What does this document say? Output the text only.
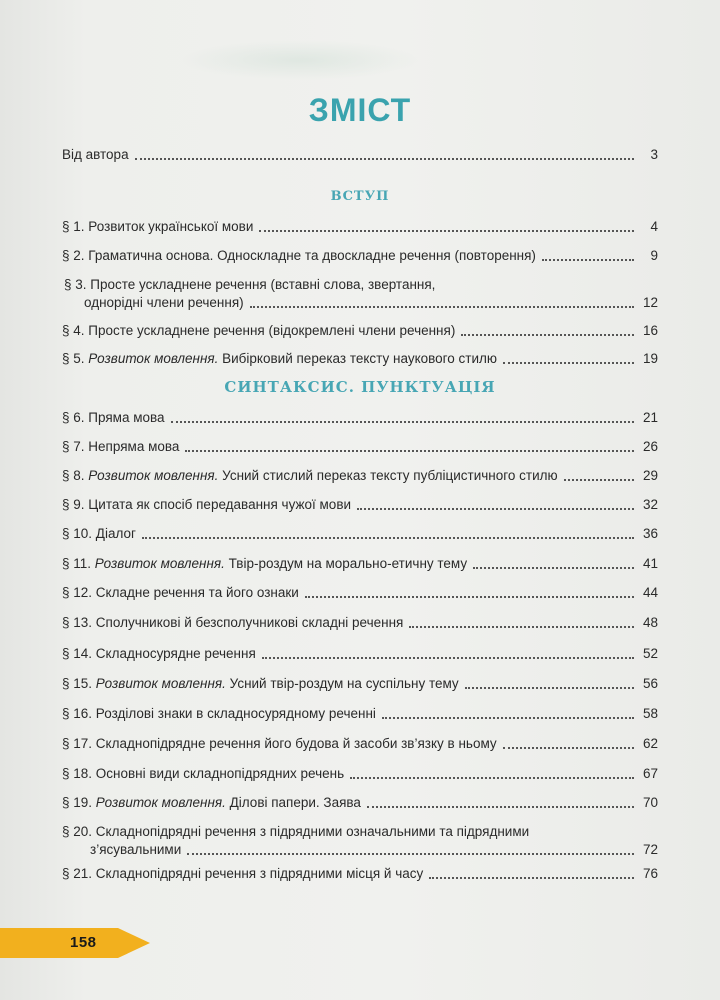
ЗМІСТ
Від автора	3
ВСТУП
§ 1. Розвиток української мови	4
§ 2. Граматична основа. Односкладне та двоскладне речення (повторення)	9
§ 3. Просте ускладнене речення (вставні слова, звертання,
однорідні члени речення)	12
§ 4. Просте ускладнене речення (відокремлені члени речення)	16
§ 5. Розвиток мовлення. Вибірковий переказ тексту наукового стилю	19
СИНТАКСИС. ПУНКТУАЦІЯ
§ 6. Пряма мова	21
§ 7. Непряма мова	26
§ 8. Розвиток мовлення. Усний стислий переказ тексту публіцистичного стилю	29
§ 9. Цитата як спосіб передавання чужої мови	32
§ 10. Діалог	36
§ 11. Розвиток мовлення. Твір-роздум на морально-етичну тему	41
§ 12. Складне речення та його ознаки	44
§ 13. Сполучникові й безсполучникові складні речення	48
§ 14. Складносурядне речення	52
§ 15. Розвиток мовлення. Усний твір-роздум на суспільну тему	56
§ 16. Розділові знаки в складносурядному реченні	58
§ 17. Складнопідрядне речення його будова й засоби зв’язку в ньому	62
§ 18. Основні види складнопідрядних речень	67
§ 19. Розвиток мовлення. Ділові папери. Заява	70
§ 20. Складнопідрядні речення з підрядними означальними та підрядними
з’ясувальними	72
§ 21. Складнопідрядні речення з підрядними місця й часу	76
158
